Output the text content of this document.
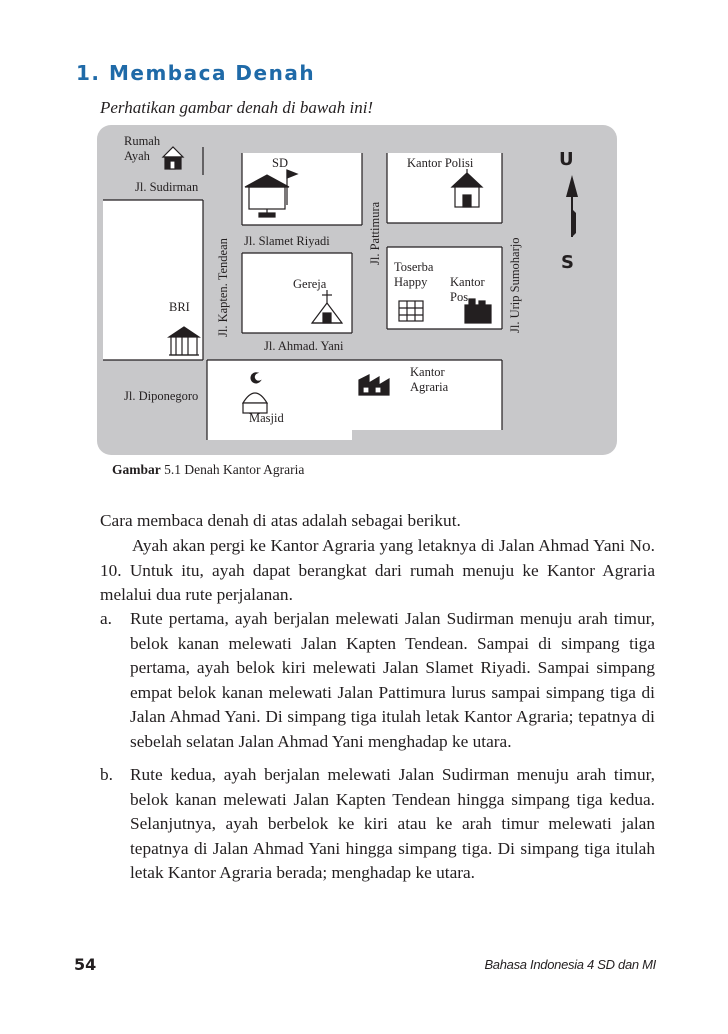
1. Membaca Denah
Perhatikan gambar denah di bawah ini!
Rumah
Ayah	SD	Kantor Polisi
Gereja
Toserba
Happy Kantor
Pos
BRI
Masjid
Kantor
Agraria
Jl. Sudirman
Jl. Kapten. Tendean Jl. Slamet Riyadi	Jl. Pattimura
Jl. Urip Sumoharjo
Jl. Ahmad. Yani
Jl. Diponegoro
U
S
Gambar 5.1 Denah Kantor Agraria
Cara membaca denah di atas adalah sebagai berikut.
Ayah akan pergi ke Kantor Agraria yang letaknya di Jalan Ahmad Yani No. 10. Untuk itu, ayah dapat berangkat dari rumah menuju ke Kantor Agraria melalui dua rute perjalanan.
a. Rute pertama, ayah berjalan melewati Jalan Sudirman menuju arah timur, belok kanan melewati Jalan Kapten Tendean. Sampai di simpang tiga pertama, ayah belok kiri melewati Jalan Slamet Riyadi. Sampai simpang empat belok kanan melewati Jalan Pattimura lurus sampai simpang tiga di Jalan Ahmad Yani. Di simpang tiga itulah letak Kantor Agraria; tepatnya di sebelah selatan Jalan Ahmad Yani menghadap ke utara.
b. Rute kedua, ayah berjalan melewati Jalan Sudirman menuju arah timur, belok kanan melewati Jalan Kapten Tendean hingga simpang tiga kedua. Selanjutnya, ayah berbelok ke kiri atau ke arah timur melewati jalan tepatnya di Jalan Ahmad Yani hingga simpang tiga. Di simpang tiga itulah letak Kantor Agraria berada; menghadap ke utara.
54	Bahasa Indonesia 4 SD dan MI
